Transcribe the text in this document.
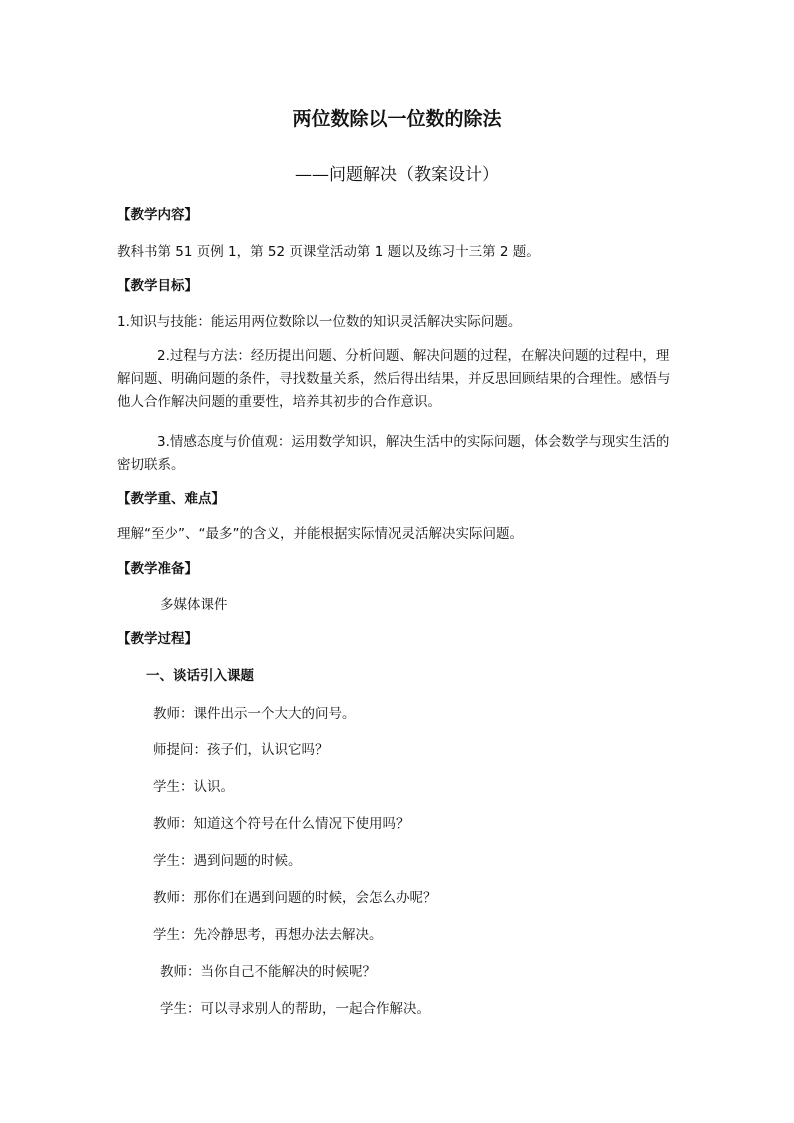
两位数除以一位数的除法
——问题解决（教案设计）
【教学内容】
教科书第 51 页例 1，第 52 页课堂活动第 1 题以及练习十三第 2 题。
【教学目标】
1.知识与技能：能运用两位数除以一位数的知识灵活解决实际问题。
2.过程与方法：经历提出问题、分析问题、解决问题的过程，在解决问题的过程中，理解问题、明确问题的条件，寻找数量关系，然后得出结果，并反思回顾结果的合理性。感悟与他人合作解决问题的重要性，培养其初步的合作意识。
3.情感态度与价值观：运用数学知识，解决生活中的实际问题，体会数学与现实生活的密切联系。
【教学重、难点】
理解“至少”、“最多”的含义，并能根据实际情况灵活解决实际问题。
【教学准备】
多媒体课件
【教学过程】
一、谈话引入课题
教师：课件出示一个大大的问号。
师提问：孩子们，认识它吗？
学生：认识。
教师：知道这个符号在什么情况下使用吗？
学生：遇到问题的时候。
教师：那你们在遇到问题的时候，会怎么办呢？
学生：先冷静思考，再想办法去解决。
教师：当你自己不能解决的时候呢？
学生：可以寻求别人的帮助，一起合作解决。
